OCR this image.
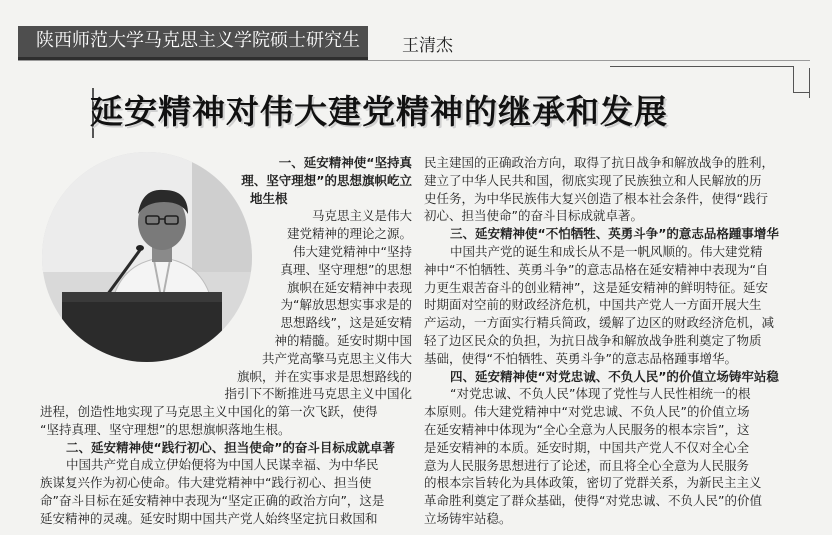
陕西师范大学马克思主义学院硕士研究生 王清杰
延安精神对伟大建党精神的继承和发展

一、延安精神使“坚持真

理、坚守理想”的思想旗帜屹立

地生根

马克思主义是伟大

建党精神的理论之源。

伟大建党精神中“坚持

真理、坚守理想”的思想

旗帜在延安精神中表现

为“解放思想实事求是的

思想路线”，这是延安精

神的精髓。延安时期中国

共产党高擎马克思主义伟大

旗帜，并在实事求是思想路线的

指引下不断推进马克思主义中国化

进程，创造性地实现了马克思主义中国化的第一次飞跃，使得

“坚持真理、坚守理想”的思想旗帜落地生根。

二、延安精神使“践行初心、担当使命”的奋斗目标成就卓著

中国共产党自成立伊始便将为中国人民谋幸福、为中华民

族谋复兴作为初心使命。伟大建党精神中“践行初心、担当使

命”奋斗目标在延安精神中表现为“坚定正确的政治方向”，这是

延安精神的灵魂。延安时期中国共产党人始终坚定抗日救国和

民主建国的正确政治方向，取得了抗日战争和解放战争的胜利，

建立了中华人民共和国，彻底实现了民族独立和人民解放的历

史任务，为中华民族伟大复兴创造了根本社会条件，使得“践行

初心、担当使命”的奋斗目标成就卓著。

三、延安精神使“不怕牺牲、英勇斗争”的意志品格踵事增华

中国共产党的诞生和成长从不是一帆风顺的。伟大建党精

神中“不怕牺牲、英勇斗争”的意志品格在延安精神中表现为“自

力更生艰苦奋斗的创业精神”，这是延安精神的鲜明特征。延安

时期面对空前的财政经济危机，中国共产党人一方面开展大生

产运动，一方面实行精兵简政，缓解了边区的财政经济危机，减

轻了边区民众的负担，为抗日战争和解放战争胜利奠定了物质

基础，使得“不怕牺牲、英勇斗争”的意志品格踵事增华。

四、延安精神使“对党忠诚、不负人民”的价值立场铸牢站稳

“对党忠诚、不负人民”体现了党性与人民性相统一的根

本原则。伟大建党精神中“对党忠诚、不负人民”的价值立场

在延安精神中体现为“全心全意为人民服务的根本宗旨”，这

是延安精神的本质。延安时期，中国共产党人不仅对全心全

意为人民服务思想进行了论述，而且将全心全意为人民服务

的根本宗旨转化为具体政策，密切了党群关系，为新民主主义

革命胜利奠定了群众基础，使得“对党忠诚、不负人民”的价值

立场铸牢站稳。
